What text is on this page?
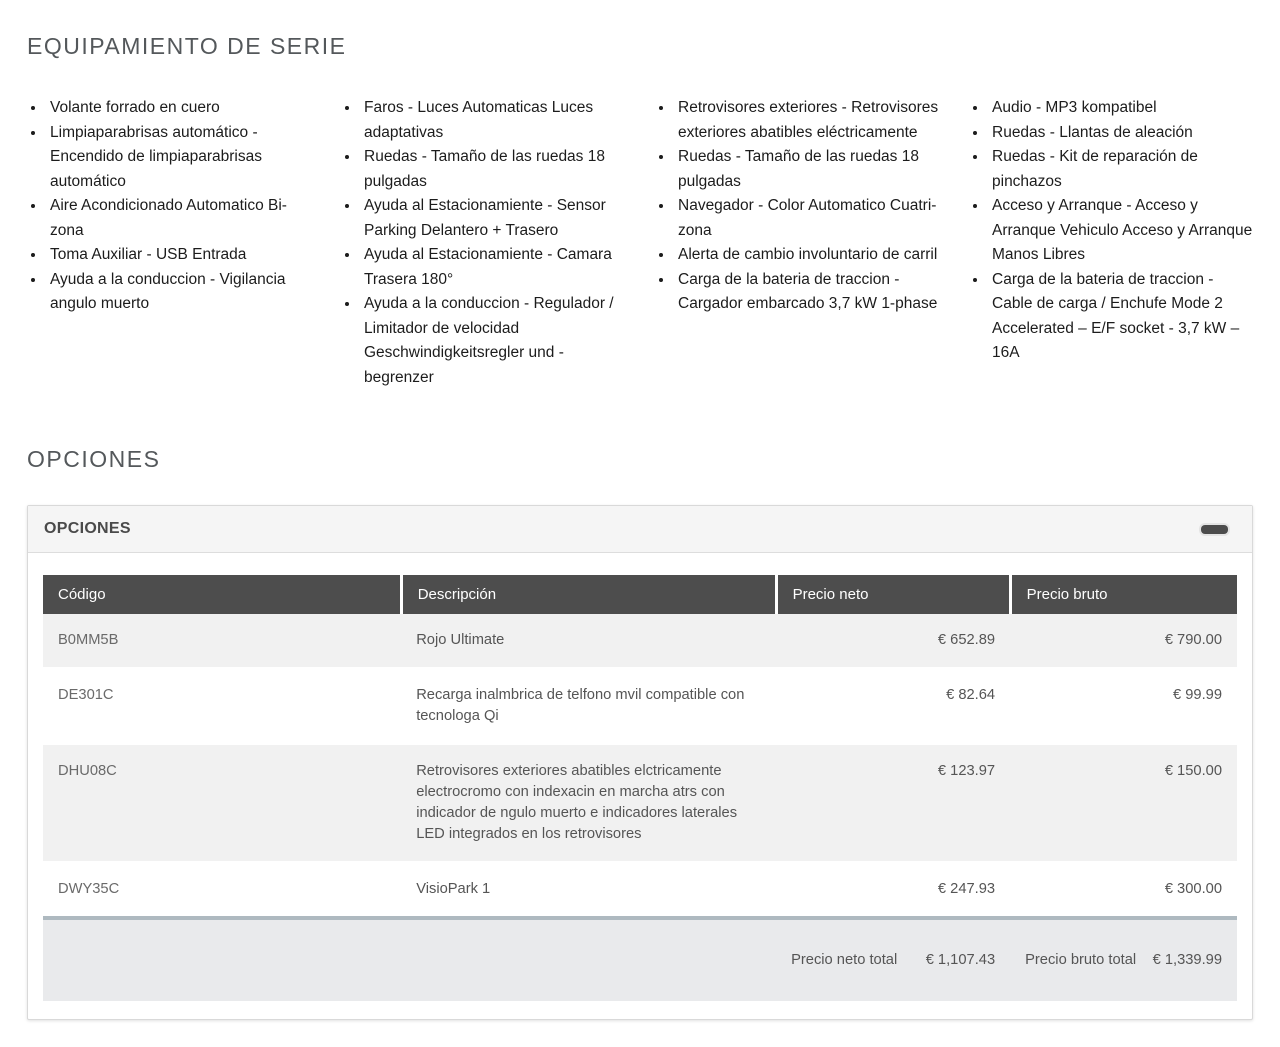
EQUIPAMIENTO DE SERIE
• Volante forrado en cuero
• Limpiaparabrisas automático - Encendido de limpiaparabrisas automático
• Aire Acondicionado Automatico Bi-zona
• Toma Auxiliar - USB Entrada
• Ayuda a la conduccion - Vigilancia angulo muerto
• Faros - Luces Automaticas Luces adaptativas
• Ruedas - Tamaño de las ruedas 18 pulgadas
• Ayuda al Estacionamiente - Sensor Parking Delantero + Trasero
• Ayuda al Estacionamiente - Camara Trasera 180°
• Ayuda a la conduccion - Regulador / Limitador de velocidad Geschwindigkeitsregler und - begrenzer
• Retrovisores exteriores - Retrovisores exteriores abatibles eléctricamente
• Ruedas - Tamaño de las ruedas 18 pulgadas
• Navegador - Color Automatico Cuatri-zona
• Alerta de cambio involuntario de carril
• Carga de la bateria de traccion - Cargador embarcado 3,7 kW 1-phase
• Audio - MP3 kompatibel
• Ruedas - Llantas de aleación
• Ruedas - Kit de reparación de pinchazos
• Acceso y Arranque - Acceso y Arranque Vehiculo Acceso y Arranque Manos Libres
• Carga de la bateria de traccion - Cable de carga / Enchufe Mode 2 Accelerated – E/F socket - 3,7 kW – 16A
OPCIONES
OPCIONES
Código	Descripción	Precio neto	Precio bruto
B0MM5B	Rojo Ultimate	€ 652.89	€ 790.00
DE301C	Recarga inalmbrica de telfono mvil compatible con tecnologa Qi	€ 82.64	€ 99.99
DHU08C	Retrovisores exteriores abatibles elctricamente electrocromo con indexacin en marcha atrs con indicador de ngulo muerto e indicadores laterales LED integrados en los retrovisores	€ 123.97	€ 150.00
DWY35C	VisioPark 1	€ 247.93	€ 300.00

		Precio neto total € 1,107.43	Precio bruto total € 1,339.99
